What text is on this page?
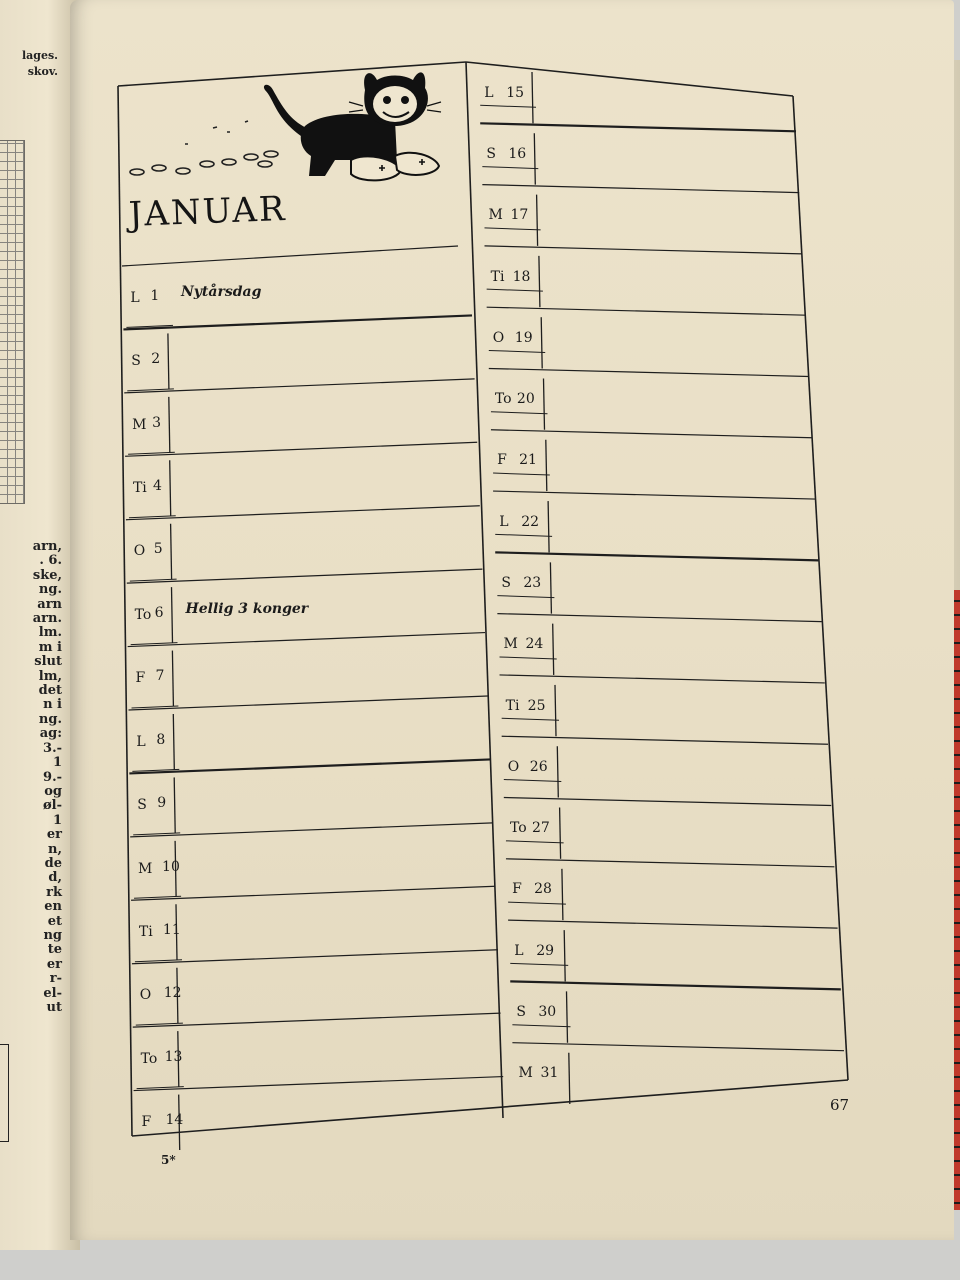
lages.
skov.
arn,
. 6.
ske,
ng.
arn
arn.
lm.
m i
slut
lm,
det
n i
ng.
ag:
3.-
1
9.-
og
øl-
1
er
n,
de
d,
rk
en
et
ng
te
er
r-
el-
ut
JANUAR
L 1 Nytårsdag
S 2
M 3
Ti 4
O 5
To 6 Hellig 3 konger
F 7
L 8
S 9
M 10
Ti 11
O 12
To 13
F 14
L 15
S 16
M 17
Ti 18
O 19
To 20
F 21
L 22
S 23
M 24
Ti 25
O 26
To 27
F 28
L 29
S 30
M 31
67
5*
